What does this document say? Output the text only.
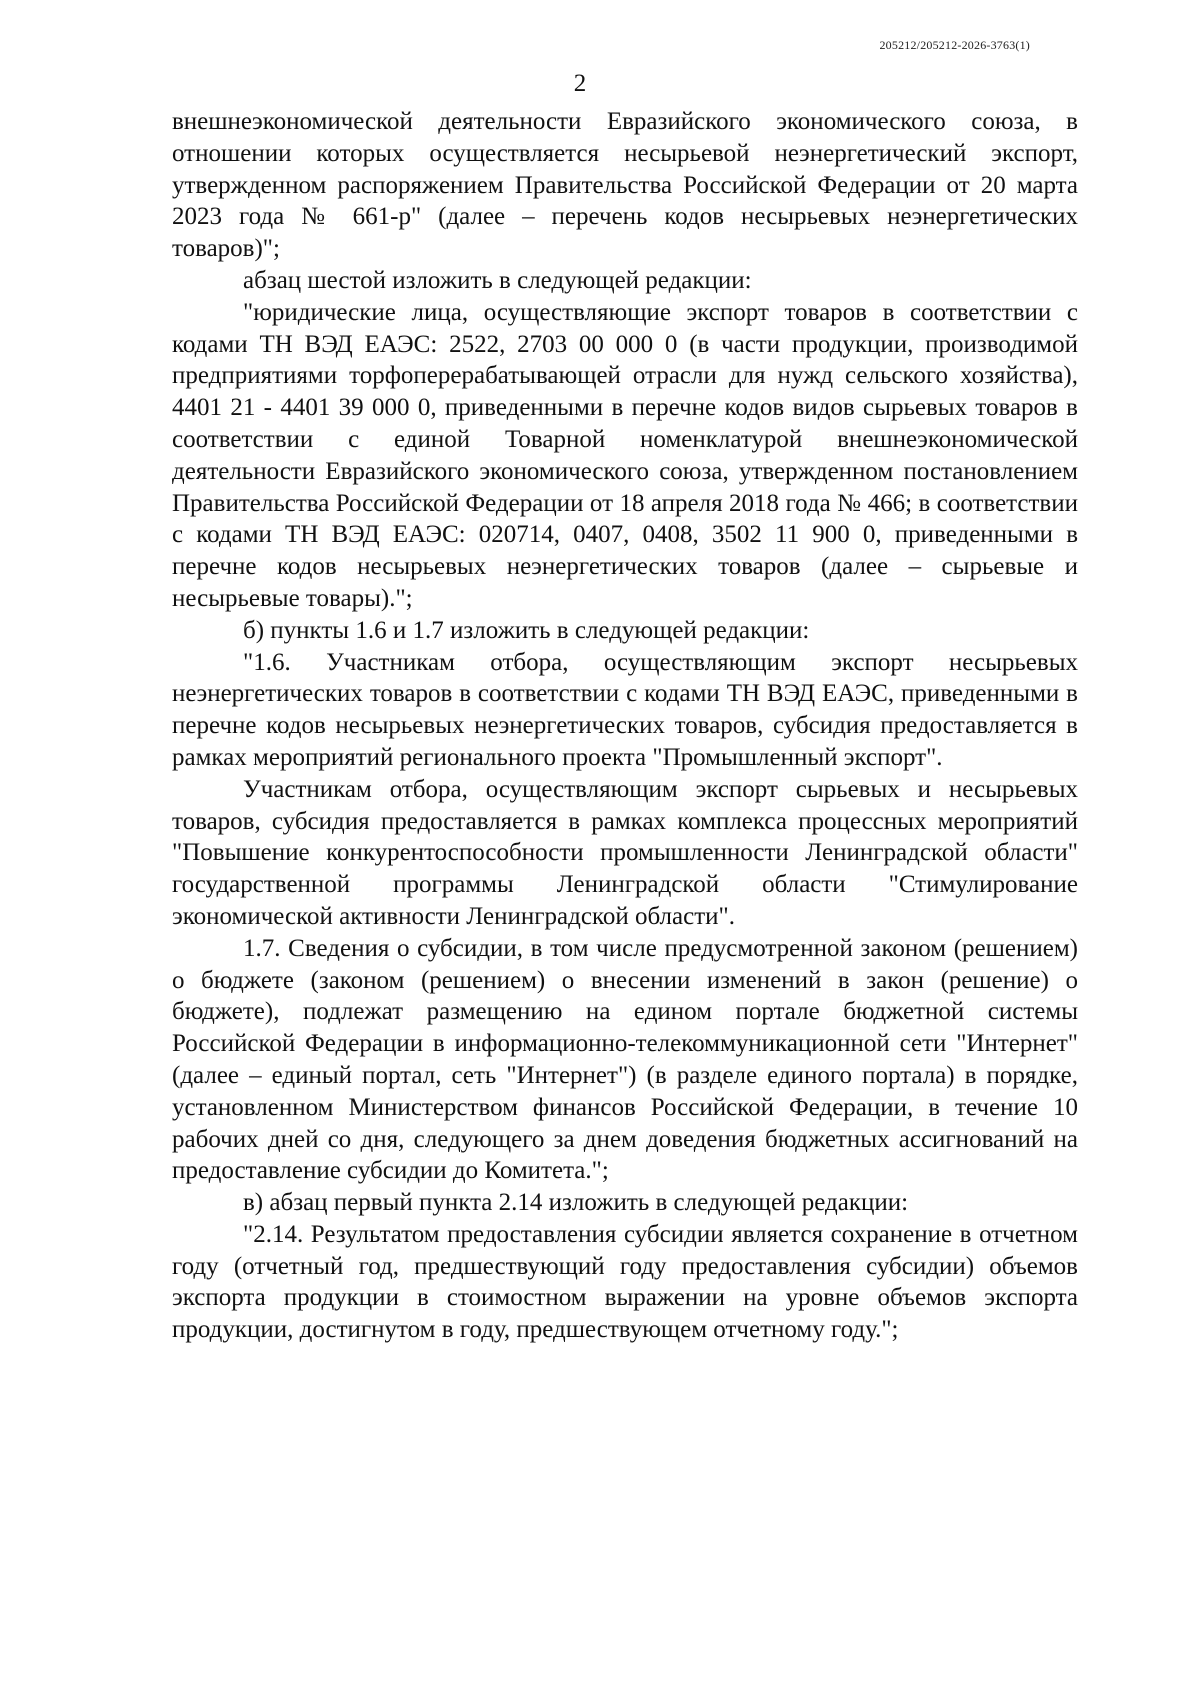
205212/205212-2026-3763(1)
2

внешнеэкономической деятельности Евразийского экономического союза, в отношении которых осуществляется несырьевой неэнергетический экспорт, утвержденном распоряжением Правительства Российской Федерации от 20 марта 2023 года № 661-р" (далее – перечень кодов несырьевых неэнергетических товаров)";

абзац шестой изложить в следующей редакции:

"юридические лица, осуществляющие экспорт товаров в соответствии с кодами ТН ВЭД ЕАЭС: 2522, 2703 00 000 0 (в части продукции, производимой предприятиями торфоперерабатывающей отрасли для нужд сельского хозяйства), 4401 21 - 4401 39 000 0, приведенными в перечне кодов видов сырьевых товаров в соответствии с единой Товарной номенклатурой внешнеэкономической деятельности Евразийского экономического союза, утвержденном постановлением Правительства Российской Федерации от 18 апреля 2018 года № 466; в соответствии с кодами ТН ВЭД ЕАЭС: 020714, 0407, 0408, 3502 11 900 0, приведенными в перечне кодов несырьевых неэнергетических товаров (далее – сырьевые и несырьевые товары).";

б) пункты 1.6 и 1.7 изложить в следующей редакции:

"1.6. Участникам отбора, осуществляющим экспорт несырьевых неэнергетических товаров в соответствии с кодами ТН ВЭД ЕАЭС, приведенными в перечне кодов несырьевых неэнергетических товаров, субсидия предоставляется в рамках мероприятий регионального проекта "Промышленный экспорт".

Участникам отбора, осуществляющим экспорт сырьевых и несырьевых товаров, субсидия предоставляется в рамках комплекса процессных мероприятий "Повышение конкурентоспособности промышленности Ленинградской области" государственной программы Ленинградской области "Стимулирование экономической активности Ленинградской области".

1.7. Сведения о субсидии, в том числе предусмотренной законом (решением) о бюджете (законом (решением) о внесении изменений в закон (решение) о бюджете), подлежат размещению на едином портале бюджетной системы Российской Федерации в информационно-телекоммуникационной сети "Интернет" (далее – единый портал, сеть "Интернет") (в разделе единого портала) в порядке, установленном Министерством финансов Российской Федерации, в течение 10 рабочих дней со дня, следующего за днем доведения бюджетных ассигнований на предоставление субсидии до Комитета.";

в) абзац первый пункта 2.14 изложить в следующей редакции:

"2.14. Результатом предоставления субсидии является сохранение в отчетном году (отчетный год, предшествующий году предоставления субсидии) объемов экспорта продукции в стоимостном выражении на уровне объемов экспорта продукции, достигнутом в году, предшествующем отчетному году.";
